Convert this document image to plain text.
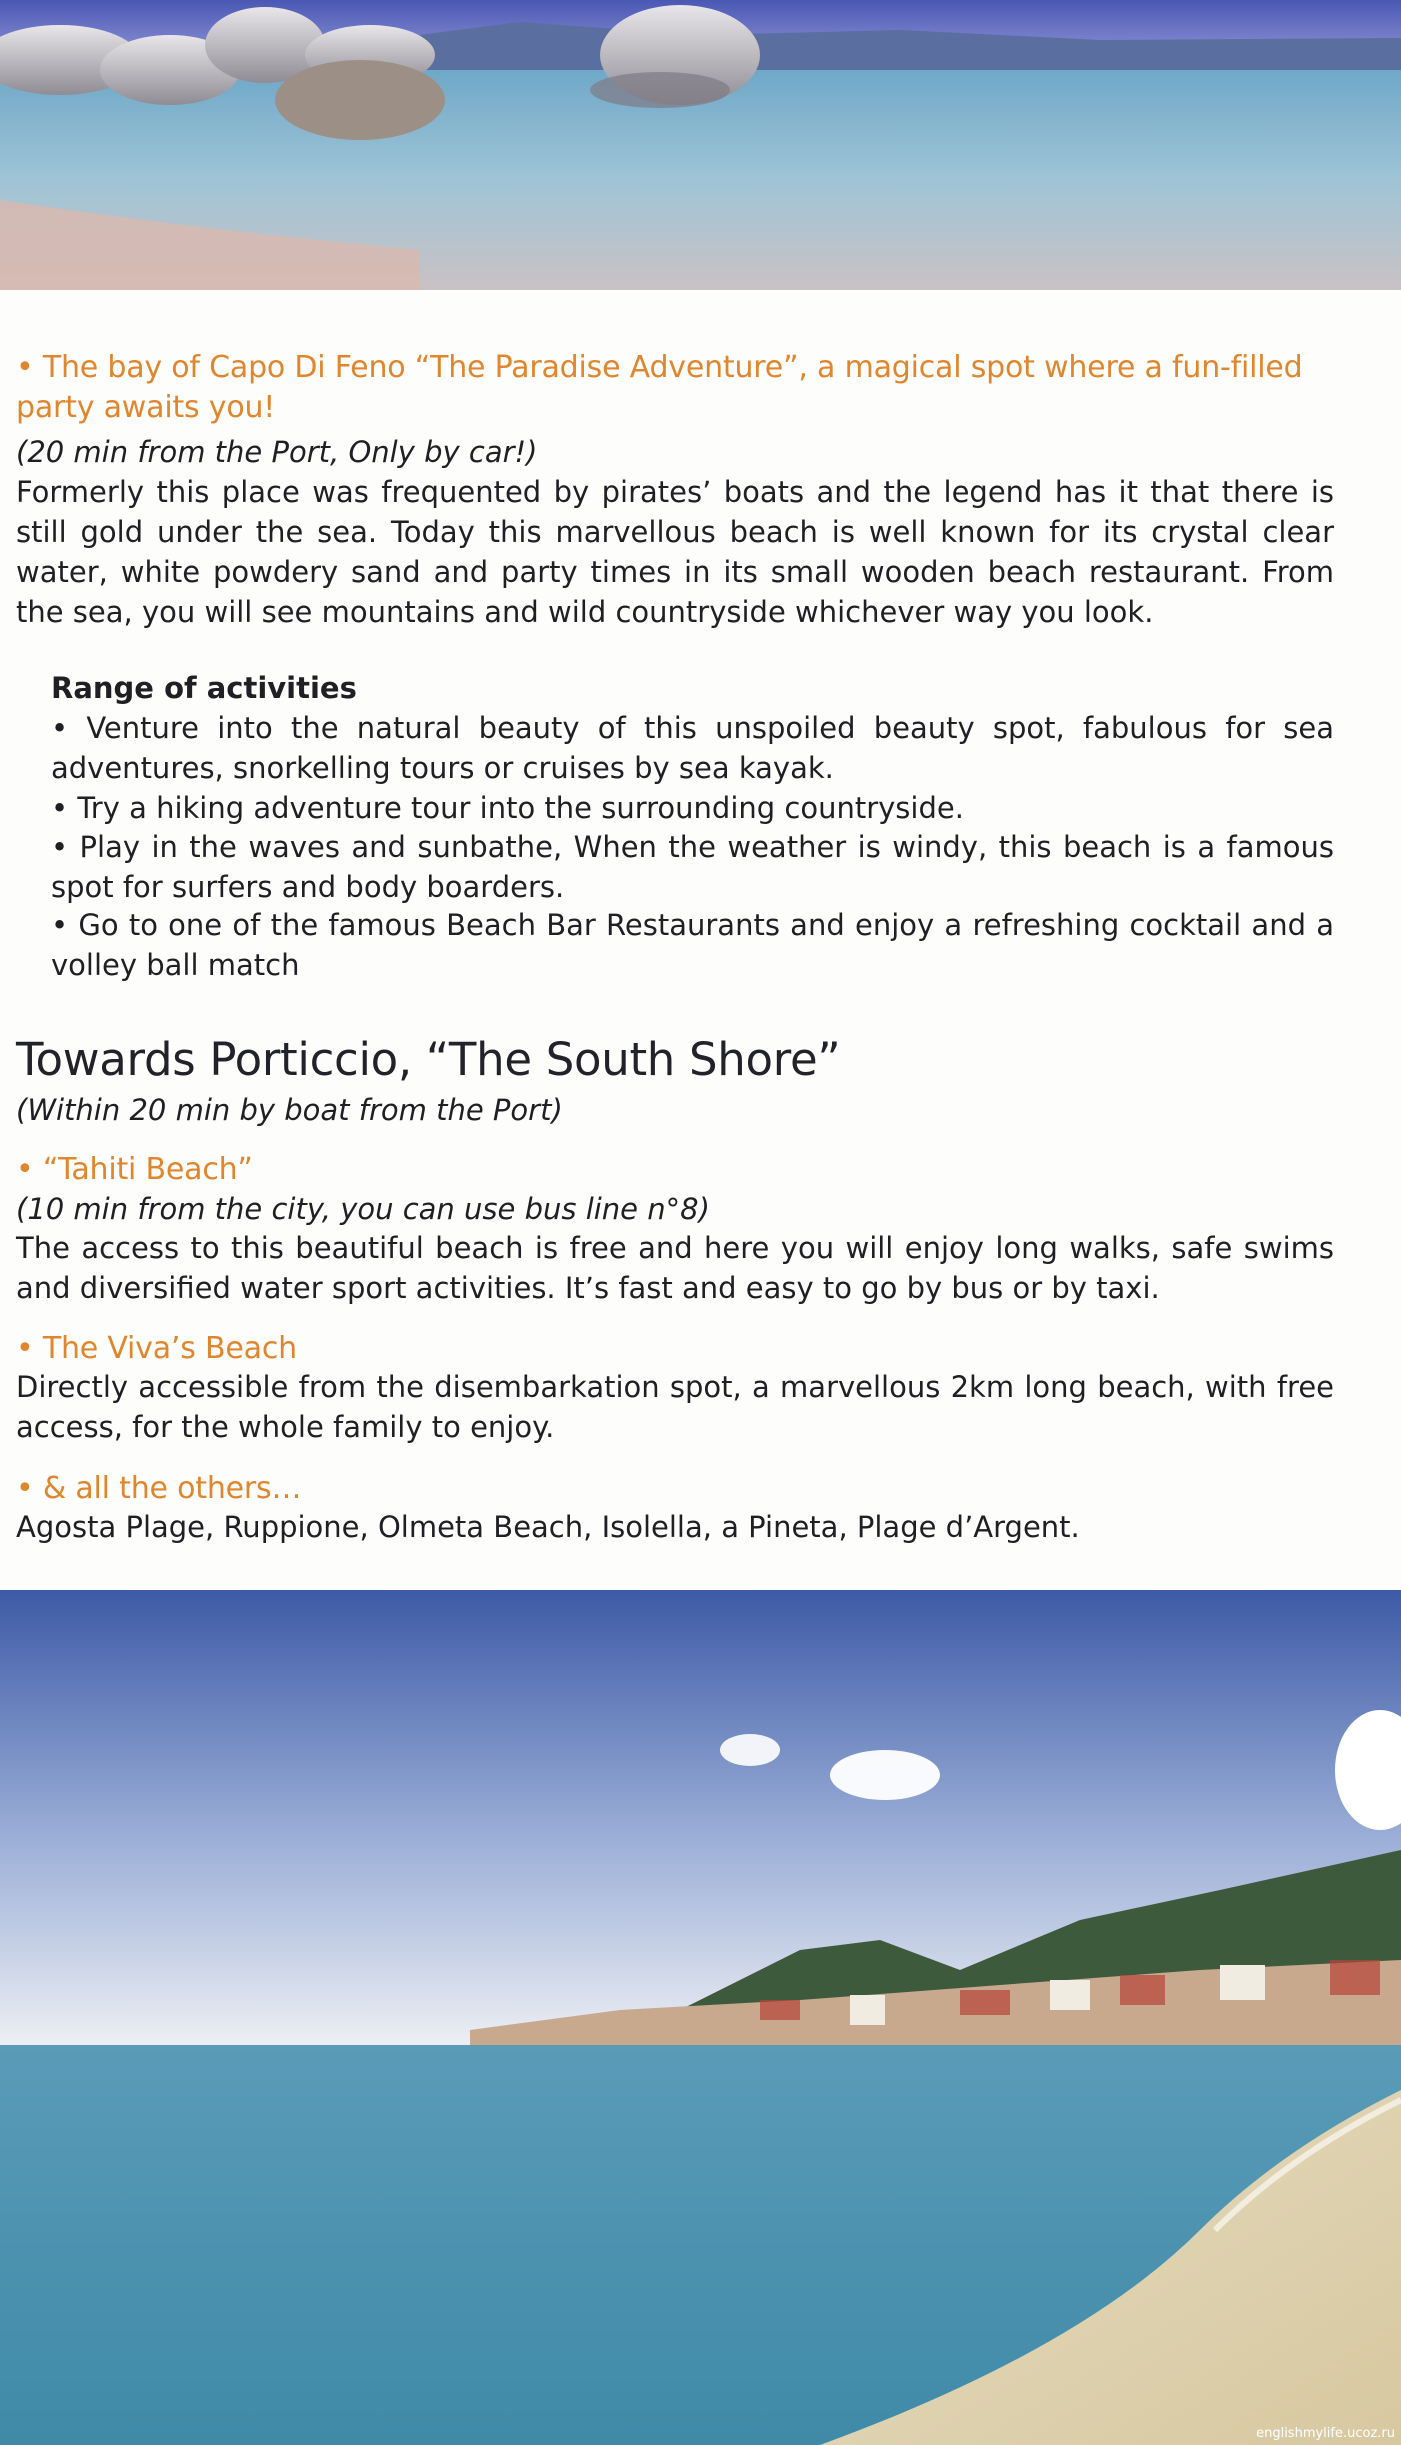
• The bay of Capo Di Feno “The Paradise Adventure”, a magical spot where a fun-filled party awaits you!
(20 min from the Port, Only by car!)
Formerly this place was frequented by pirates’ boats and the legend has it that there is still gold under the sea. Today this marvellous beach is well known for its crystal clear water, white powdery sand and party times in its small wooden beach restaurant. From the sea, you will see mountains and wild countryside whichever way you look.
Range of activities
• Venture into the natural beauty of this unspoiled beauty spot, fabulous for sea adventures, snorkelling tours or cruises by sea kayak.
• Try a hiking adventure tour into the surrounding countryside.
• Play in the waves and sunbathe, When the weather is windy, this beach is a famous spot for surfers and body boarders.
• Go to one of the famous Beach Bar Restaurants and enjoy a refreshing cocktail and a volley ball match
Towards Porticcio, “The South Shore”
(Within 20 min by boat from the Port)
• “Tahiti Beach”
(10 min from the city, you can use bus line n°8)
The access to this beautiful beach is free and here you will enjoy long walks, safe swims and diversified water sport activities. It’s fast and easy to go by bus or by taxi.
• The Viva’s Beach
Directly accessible from the disembarkation spot, a marvellous 2km long beach, with free access, for the whole family to enjoy.
• & all the others…
Agosta Plage, Ruppione, Olmeta Beach, Isolella, a Pineta, Plage d’Argent.
englishmylife.ucoz.ru
